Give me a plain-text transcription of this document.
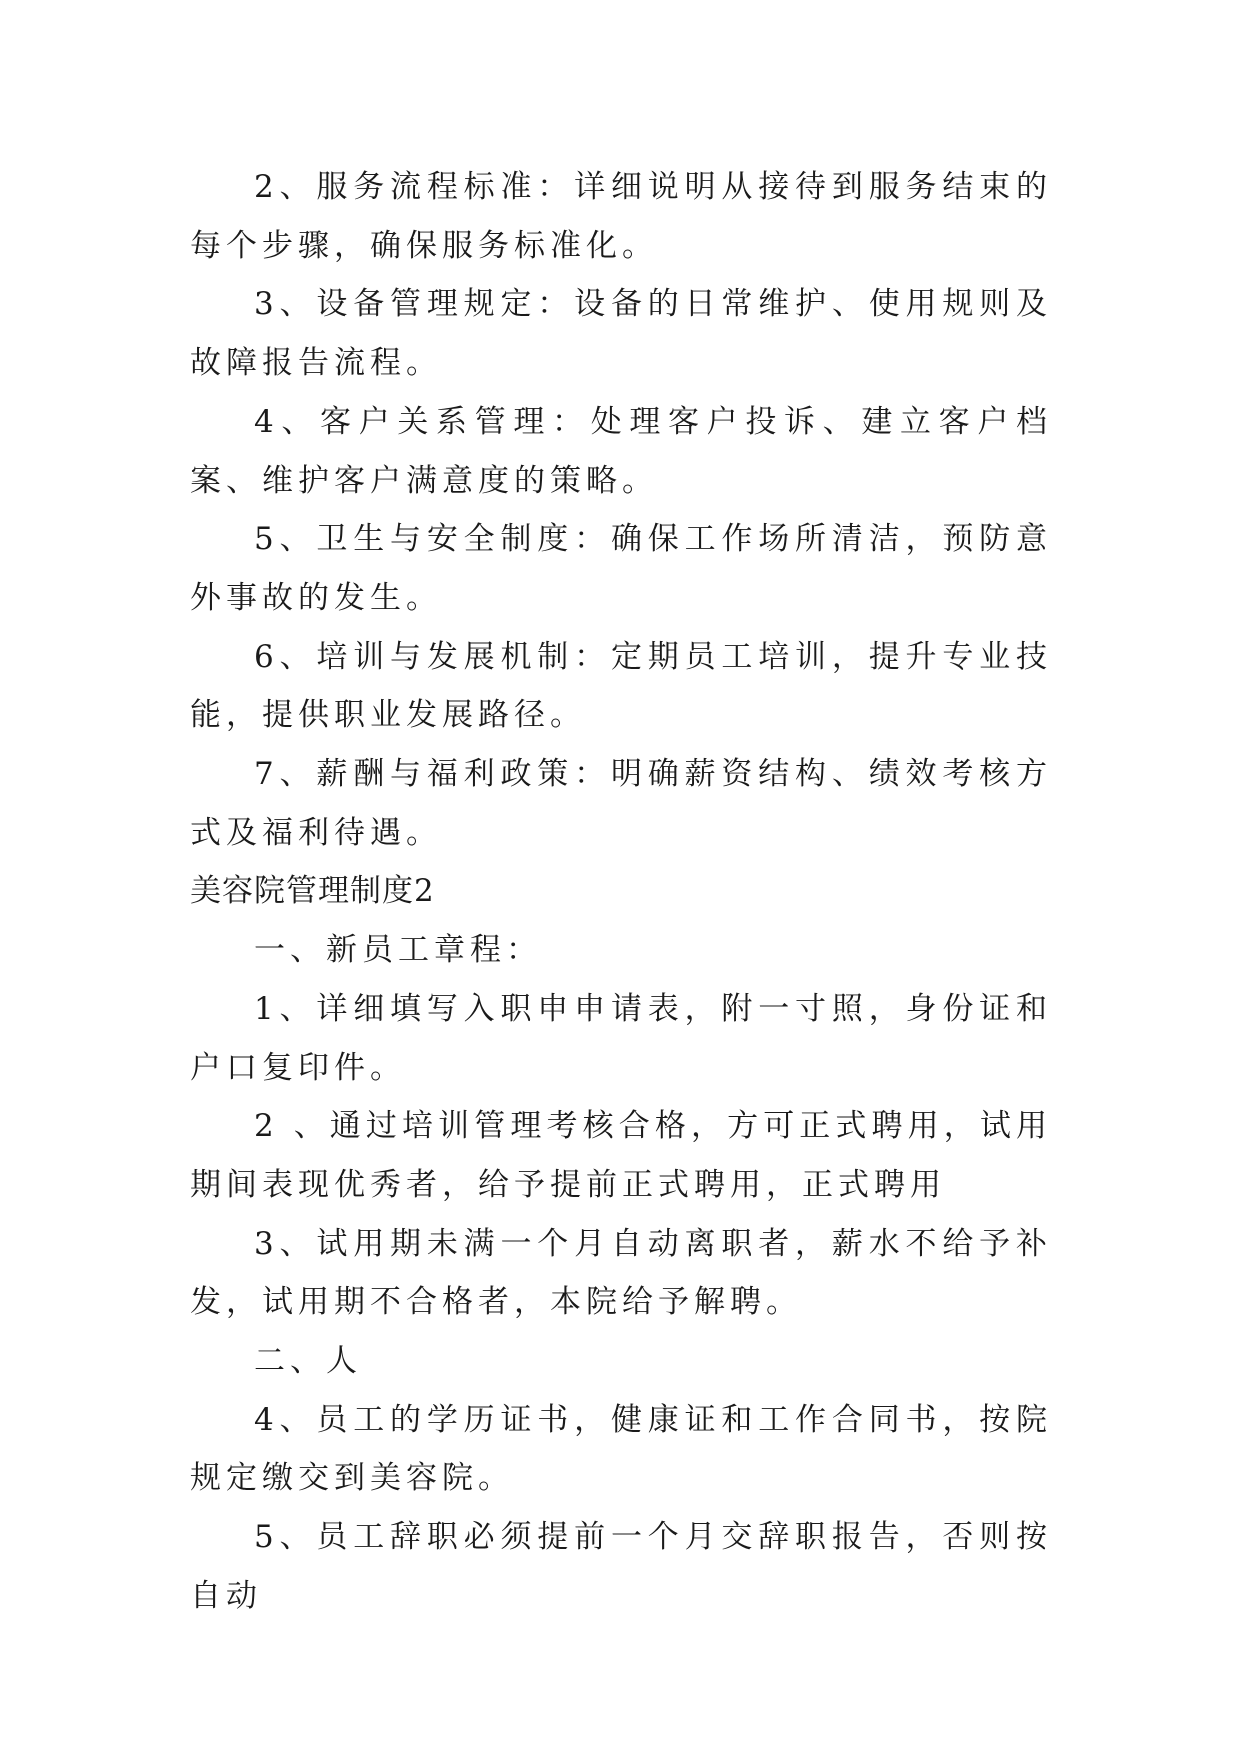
2、服务流程标准：详细说明从接待到服务结束的每个步骤，确保服务标准化。

3、设备管理规定：设备的日常维护、使用规则及故障报告流程。

4、客户关系管理：处理客户投诉、建立客户档案、维护客户满意度的策略。

5、卫生与安全制度：确保工作场所清洁，预防意外事故的发生。

6、培训与发展机制：定期员工培训，提升专业技能，提供职业发展路径。

7、薪酬与福利政策：明确薪资结构、绩效考核方式及福利待遇。

美容院管理制度2

一、新员工章程：

1、详细填写入职申申请表，附一寸照，身份证和户口复印件。

2 、通过培训管理考核合格，方可正式聘用，试用期间表现优秀者，给予提前正式聘用，正式聘用

3、试用期未满一个月自动离职者，薪水不给予补发，试用期不合格者，本院给予解聘。

二、人

4、员工的学历证书，健康证和工作合同书，按院规定缴交到美容院。

5、员工辞职必须提前一个月交辞职报告，否则按自动
